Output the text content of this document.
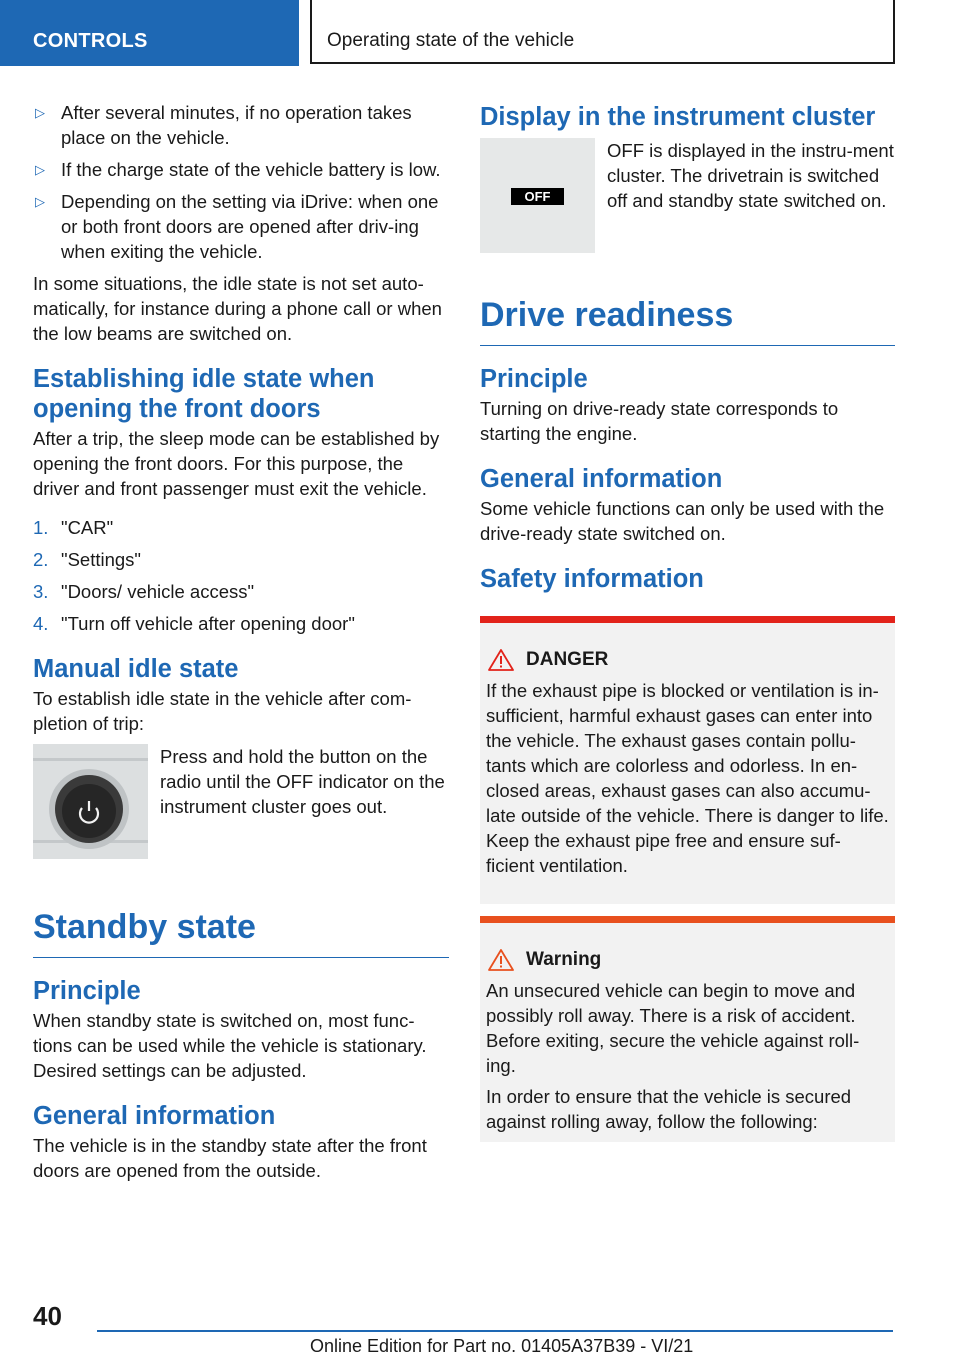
CONTROLS	Operating state of the vehicle
▷ After several minutes, if no operation takes place on the vehicle.

▷ If the charge state of the vehicle battery is low.

▷ Depending on the setting via iDrive: when one or both front doors are opened after driv-ing when exiting the vehicle.

In some situations, the idle state is not set auto-matically, for instance during a phone call or when the low beams are switched on.

Establishing idle state when opening the front doors

After a trip, the sleep mode can be established by opening the front doors. For this purpose, the driver and front passenger must exit the vehicle.

1. "CAR"
2. "Settings"
3. "Doors/ vehicle access"
4. "Turn off vehicle after opening door"
Manual idle state

To establish idle state in the vehicle after com-pletion of trip:

Press and hold the button on the radio until the OFF indicator on the instrument cluster goes out.

Standby state
Principle

When standby state is switched on, most func-tions can be used while the vehicle is stationary. Desired settings can be adjusted.

General information

The vehicle is in the standby state after the front doors are opened from the outside.

Display in the instrument cluster
OFF

OFF is displayed in the instru-ment cluster. The drivetrain is switched off and standby state switched on.

Drive readiness
Principle

Turning on drive-ready state corresponds to starting the engine.

General information

Some vehicle functions can only be used with the drive-ready state switched on.

Safety information
DANGER

If the exhaust pipe is blocked or ventilation is in-sufficient, harmful exhaust gases can enter into the vehicle. The exhaust gases contain pollu-tants which are colorless and odorless. In en-closed areas, exhaust gases can also accumu-late outside of the vehicle. There is danger to life. Keep the exhaust pipe free and ensure suf-ficient ventilation.

Warning

An unsecured vehicle can begin to move and possibly roll away. There is a risk of accident. Before exiting, secure the vehicle against roll-ing.

In order to ensure that the vehicle is secured against rolling away, follow the following:

40
Online Edition for Part no. 01405A37B39 - VI/21
